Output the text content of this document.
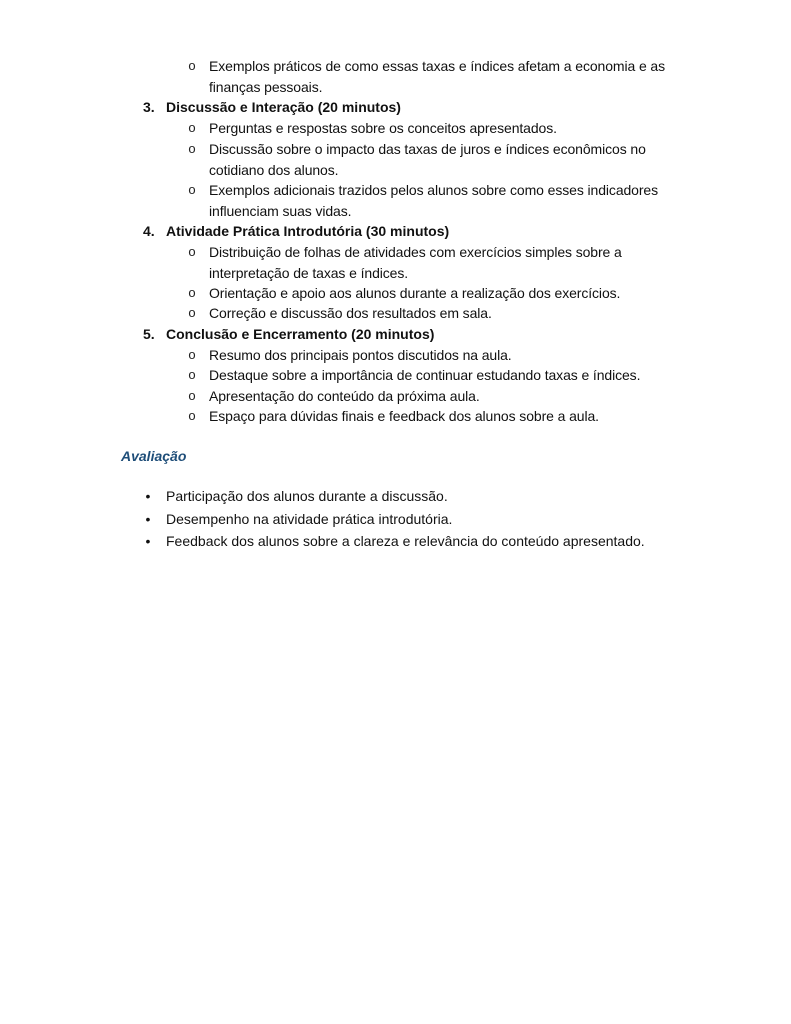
o Exemplos práticos de como essas taxas e índices afetam a economia e as finanças pessoais.
3. Discussão e Interação (20 minutos)
o Perguntas e respostas sobre os conceitos apresentados.
o Discussão sobre o impacto das taxas de juros e índices econômicos no cotidiano dos alunos.
o Exemplos adicionais trazidos pelos alunos sobre como esses indicadores influenciam suas vidas.
4. Atividade Prática Introdutória (30 minutos)
o Distribuição de folhas de atividades com exercícios simples sobre a interpretação de taxas e índices.
o Orientação e apoio aos alunos durante a realização dos exercícios.
o Correção e discussão dos resultados em sala.
5. Conclusão e Encerramento (20 minutos)
o Resumo dos principais pontos discutidos na aula.
o Destaque sobre a importância de continuar estudando taxas e índices.
o Apresentação do conteúdo da próxima aula.
o Espaço para dúvidas finais e feedback dos alunos sobre a aula.
Avaliação
• Participação dos alunos durante a discussão.
• Desempenho na atividade prática introdutória.
• Feedback dos alunos sobre a clareza e relevância do conteúdo apresentado.
